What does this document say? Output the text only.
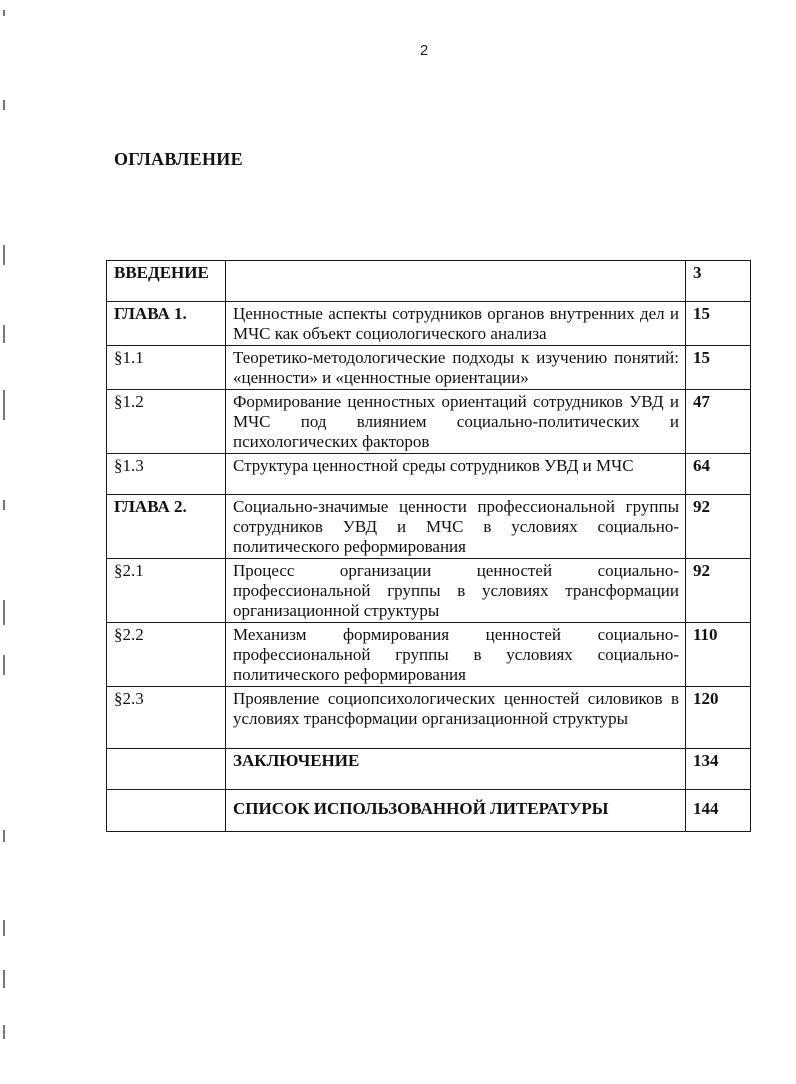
2
ОГЛАВЛЕНИЕ
ВВЕДЕНИЕ		3
ГЛАВА 1.	Ценностные аспекты сотрудников органов внутренних дел и МЧС как объект социологического анализа	15
§1.1	Теоретико-методологические подходы к изучению понятий: «ценности» и «ценностные ориентации»	15
§1.2	Формирование ценностных ориентаций сотрудников УВД и МЧС под влиянием социально-политических и психологических факторов	47
§1.3	Структура ценностной среды сотрудников УВД и МЧС	64
ГЛАВА 2.	Социально-значимые ценности профессиональной группы сотрудников УВД и МЧС в условиях социально-политического реформирования	92
§2.1	Процесс организации ценностей социально-профессиональной группы в условиях трансформации организационной структуры	92
§2.2	Механизм формирования ценностей социально-профессиональной группы в условиях социально-политического реформирования	110
§2.3	Проявление социопсихологических ценностей силовиков в условиях трансформации организационной структуры	120
	ЗАКЛЮЧЕНИЕ	134
	СПИСОК ИСПОЛЬЗОВАННОЙ ЛИТЕРАТУРЫ	144
